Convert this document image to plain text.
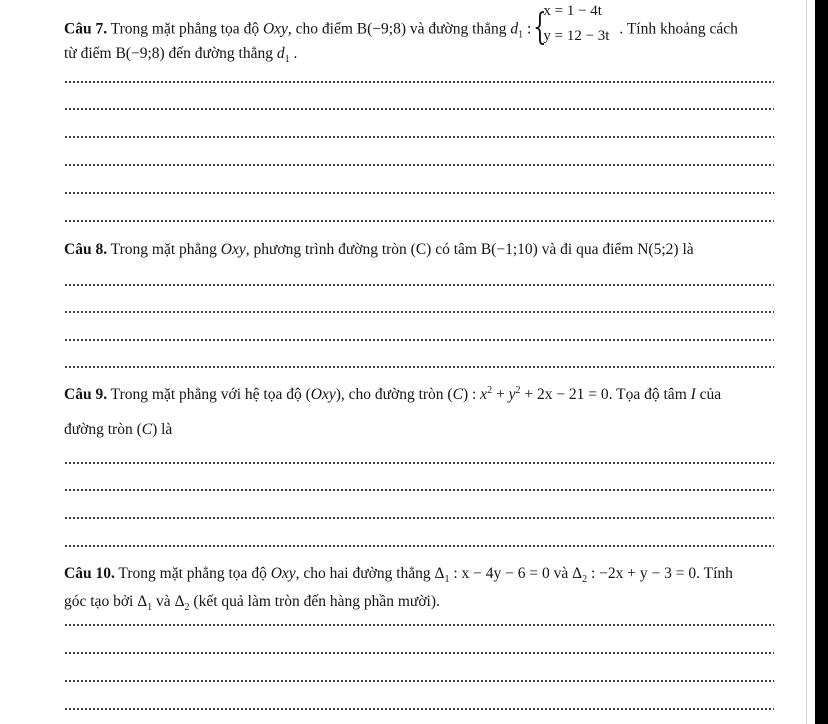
Câu 7. Trong mặt phẳng tọa độ Oxy, cho điểm B(−9;8) và đường thẳng $d_1$ : {
x = 1 − 4t
y = 12 − 3t . Tính khoảng cách
từ điểm B(−9;8) đến đường thẳng $d_1$ .
Câu 8. Trong mặt phẳng Oxy, phương trình đường tròn (C) có tâm B(−1;10) và đi qua điểm N(5;2) là
Câu 9. Trong mặt phẳng với hệ tọa độ (Oxy), cho đường tròn (C) : $x^2 + y^2 + 2x - 21 = 0$. Tọa độ tâm I của
đường tròn (C) là
Câu 10. Trong mặt phẳng tọa độ Oxy, cho hai đường thẳng $\Delta_1$ : x − 4y − 6 = 0 và $\Delta_2$ : −2x + y − 3 = 0. Tính
góc tạo bởi $\Delta_1$ và $\Delta_2$ (kết quả làm tròn đến hàng phần mười).
